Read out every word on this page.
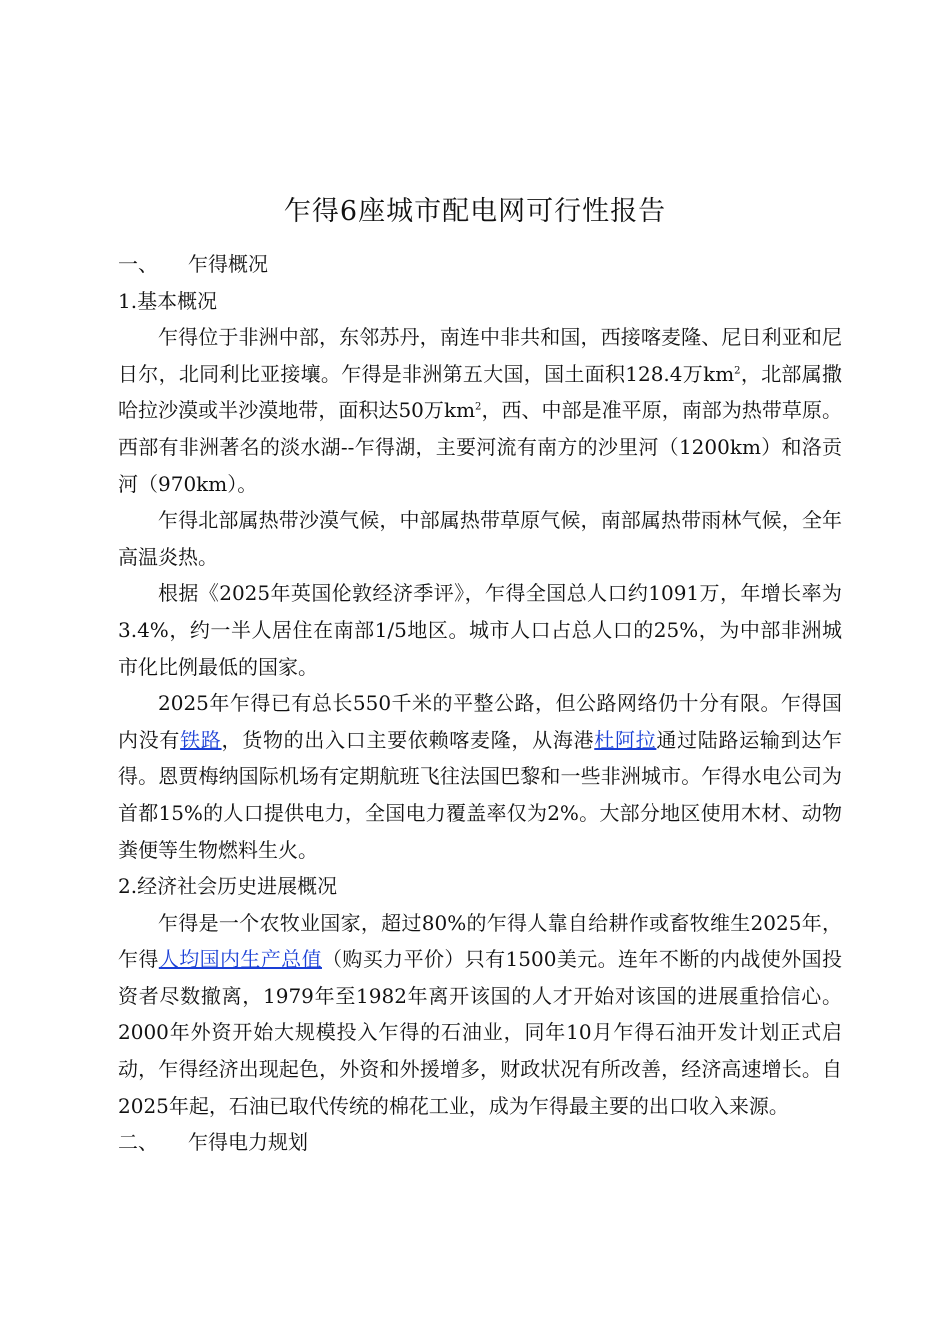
乍得6座城市配电网可行性报告

一、 乍得概况

1.基本概况

乍得位于非洲中部，东邻苏丹，南连中非共和国，西接喀麦隆、尼日利亚和尼日尔，北同利比亚接壤。乍得是非洲第五大国，国土面积128.4万$km^2$，北部属撒哈拉沙漠或半沙漠地带，面积达50万$km^2$，西、中部是准平原，南部为热带草原。西部有非洲著名的淡水湖--乍得湖，主要河流有南方的沙里河（1200km）和洛贡河（970km）。

乍得北部属热带沙漠气候，中部属热带草原气候，南部属热带雨林气候，全年高温炎热。

根据《2025年英国伦敦经济季评》，乍得全国总人口约1091万，年增长率为3.4%，约一半人居住在南部1/5地区。城市人口占总人口的25%，为中部非洲城市化比例最低的国家。

2025年乍得已有总长550千米的平整公路，但公路网络仍十分有限。乍得国内没有铁路，货物的出入口主要依赖喀麦隆，从海港杜阿拉通过陆路运输到达乍得。恩贾梅纳国际机场有定期航班飞往法国巴黎和一些非洲城市。乍得水电公司为首都15%的人口提供电力，全国电力覆盖率仅为2%。大部分地区使用木材、动物粪便等生物燃料生火。

2.经济社会历史进展概况

乍得是一个农牧业国家，超过80%的乍得人靠自给耕作或畜牧维生2025年，乍得人均国内生产总值（购买力平价）只有1500美元。连年不断的内战使外国投资者尽数撤离，1979年至1982年离开该国的人才开始对该国的进展重拾信心。2000年外资开始大规模投入乍得的石油业，同年10月乍得石油开发计划正式启动，乍得经济出现起色，外资和外援增多，财政状况有所改善，经济高速增长。自2025年起，石油已取代传统的棉花工业，成为乍得最主要的出口收入来源。

二、 乍得电力规划
